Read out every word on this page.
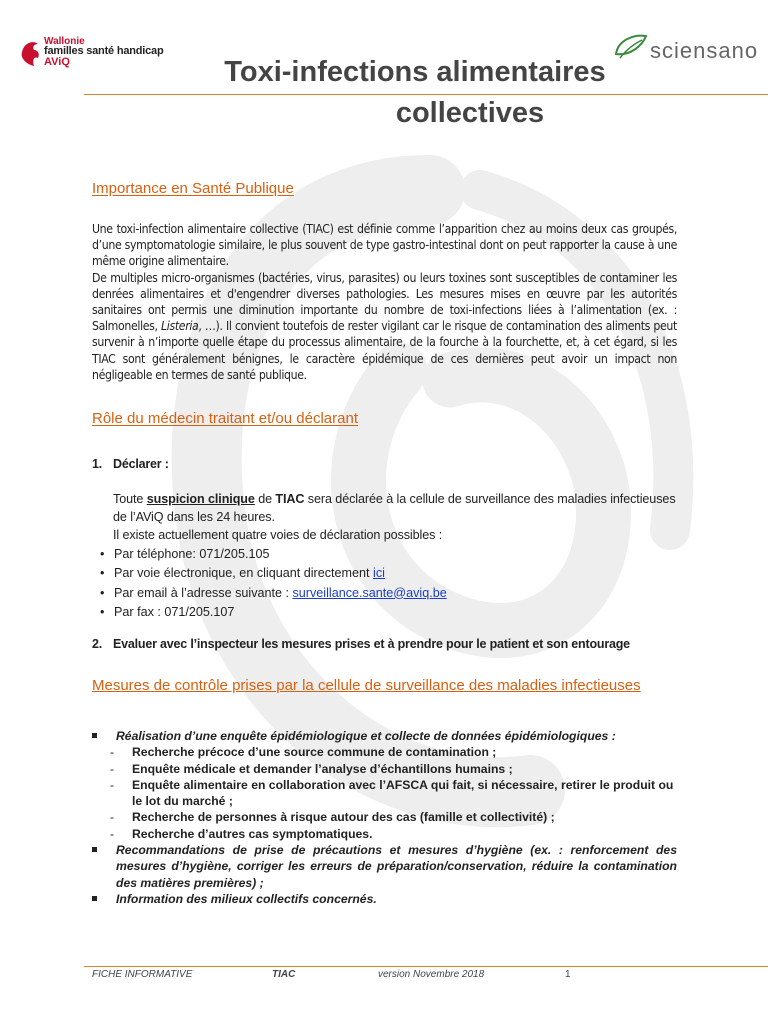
Wallonie
familles santé handicap
AViQ	sciensano
Toxi-infections alimentaires

collectives
Importance en Santé Publique

Une toxi-infection alimentaire collective (TIAC) est définie comme l’apparition chez au moins deux cas groupés, d’une symptomatologie similaire, le plus souvent de type gastro-intestinal dont on peut rapporter la cause à une même origine alimentaire.

De multiples micro-organismes (bactéries, virus, parasites) ou leurs toxines sont susceptibles de contaminer les denrées alimentaires et d'engendrer diverses pathologies. Les mesures mises en œuvre par les autorités sanitaires ont permis une diminution importante du nombre de toxi-infections liées à l’alimentation (ex. : Salmonelles, Listeria, …). Il convient toutefois de rester vigilant car le risque de contamination des aliments peut survenir à n’importe quelle étape du processus alimentaire, de la fourche à la fourchette, et, à cet égard, si les TIAC sont généralement bénignes, le caractère épidémique de ces dernières peut avoir un impact non négligeable en termes de santé publique.

Rôle du médecin traitant et/ou déclarant
1. Déclarer :
Toute suspicion clinique de TIAC sera déclarée à la cellule de surveillance des maladies infectieuses de l’AViQ dans les 24 heures.
Il existe actuellement quatre voies de déclaration possibles :
• Par téléphone: 071/205.105
• Par voie électronique, en cliquant directement ici
• Par email à l’adresse suivante : surveillance.sante@aviq.be
• Par fax : 071/205.107
2. Evaluer avec l’inspecteur les mesures prises et à prendre pour le patient et son entourage
Mesures de contrôle prises par la cellule de surveillance des maladies infectieuses
Réalisation d’une enquête épidémiologique et collecte de données épidémiologiques :
- Recherche précoce d’une source commune de contamination ;
- Enquête médicale et demander l’analyse d’échantillons humains ;
- Enquête alimentaire en collaboration avec l’AFSCA qui fait, si nécessaire, retirer le produit ou le lot du marché ;
- Recherche de personnes à risque autour des cas (famille et collectivité) ;
- Recherche d’autres cas symptomatiques.
Recommandations de prise de précautions et mesures d’hygiène (ex. : renforcement des mesures d’hygiène, corriger les erreurs de préparation/conservation, réduire la contamination des matières premières) ;
Information des milieux collectifs concernés.
FICHE INFORMATIVE	TIAC	version Novembre 2018	1
